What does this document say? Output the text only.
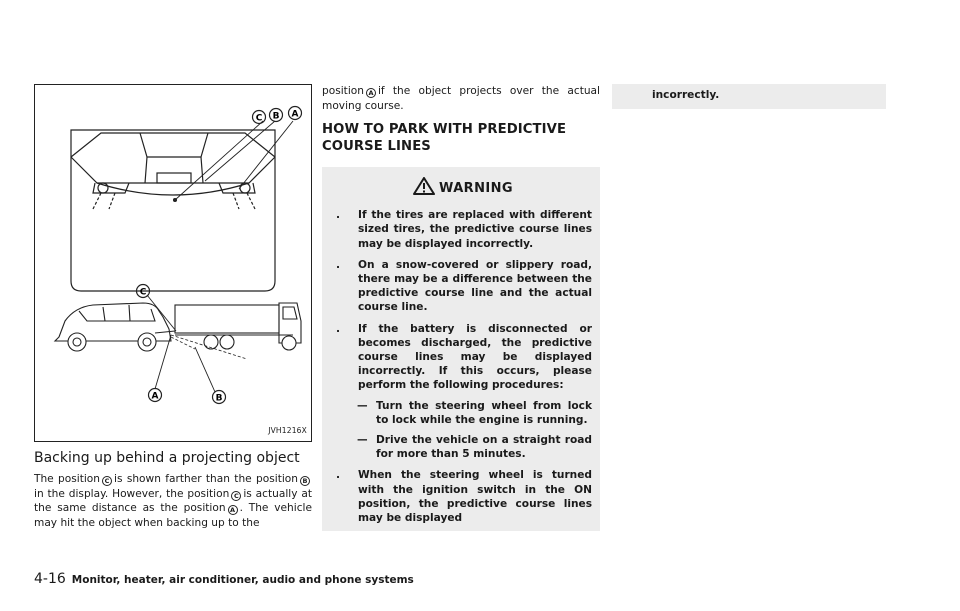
C B A
C
A	B
JVH1216X
Backing up behind a projecting object

The position C is shown farther than the position Bin the display. However, the position C is actually at the same distance as the position A . The vehicle may hit the object when backing up to the

position A if the object projects over the actual moving course.

HOW TO PARK WITH PREDICTIVE COURSE LINES
WARNING
. If the tires are replaced with different sized tires, the predictive course lines may be displayed incorrectly.
. On a snow-covered or slippery road, there may be a difference between the predictive course line and the actual course line.
. If the battery is disconnected or becomes discharged, the predictive course lines may be displayed incorrectly. If this occurs, please perform the following procedures:
— Turn the steering wheel from lock to lock while the engine is running.
— Drive the vehicle on a straight road for more than 5 minutes.
. When the steering wheel is turned with the ignition switch in the ON position, the predictive course lines may be displayed
incorrectly.
4-16 Monitor, heater, air conditioner, audio and phone systems
